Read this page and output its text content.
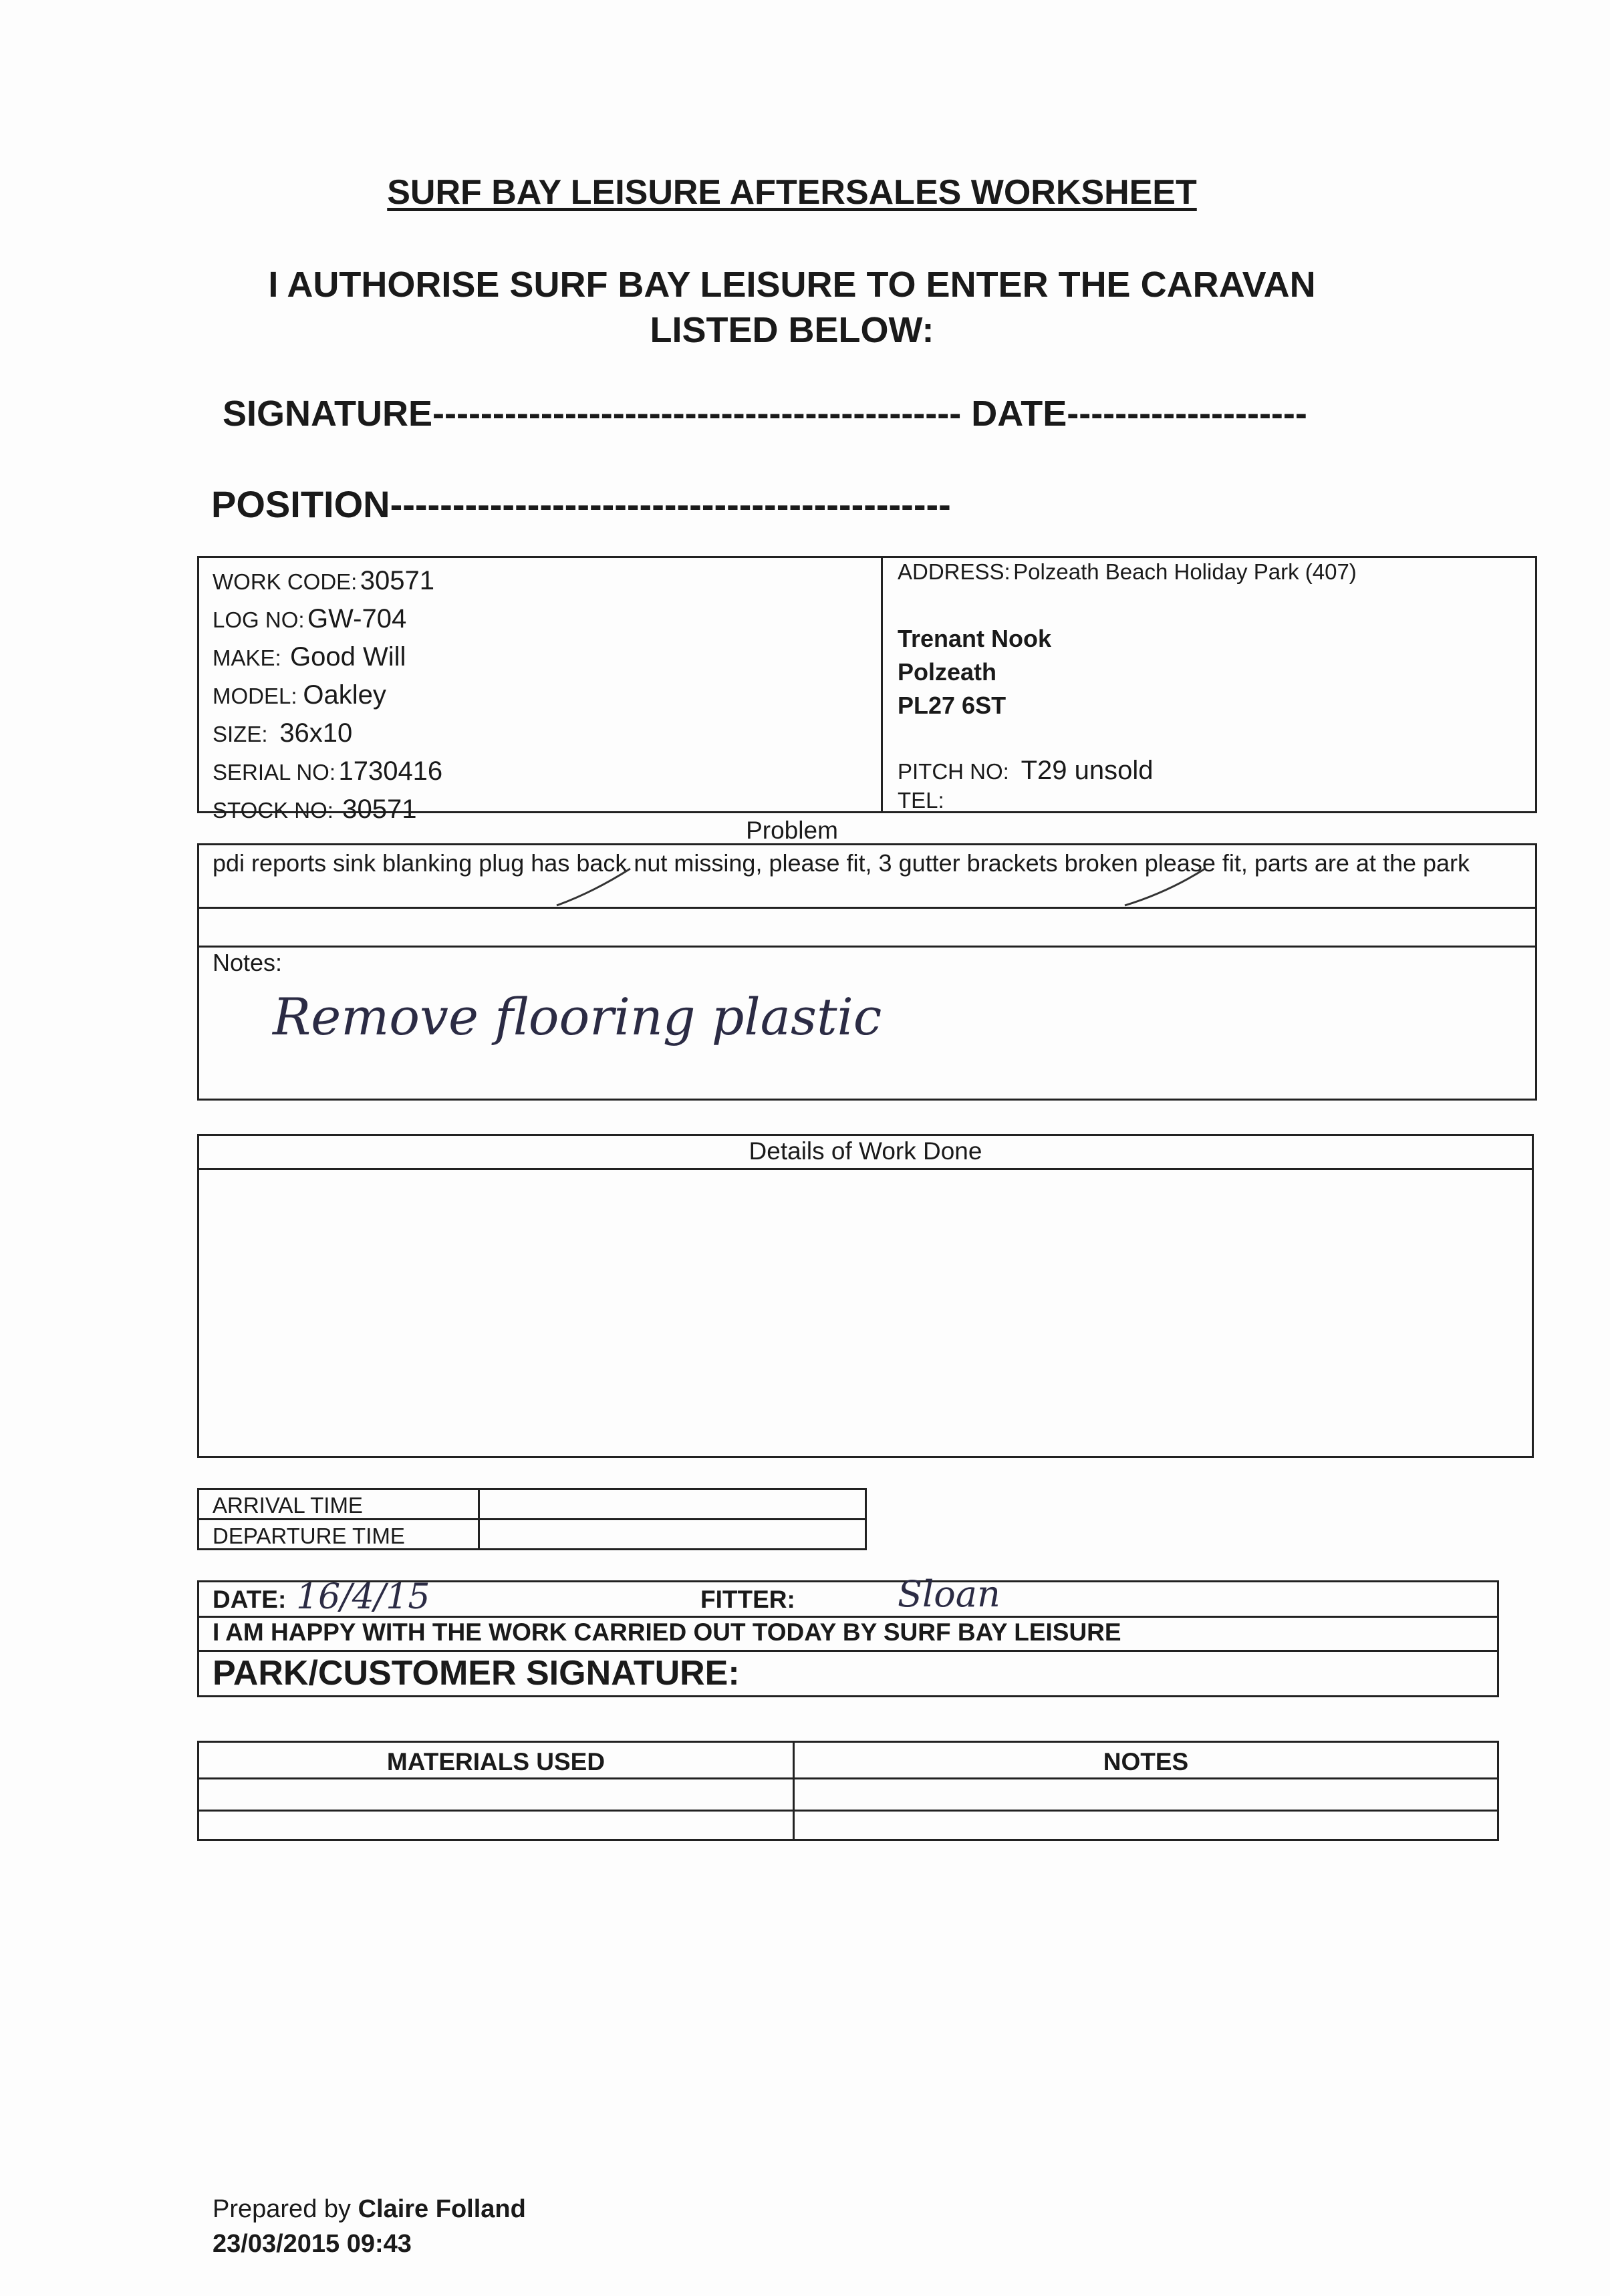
SURF BAY LEISURE AFTERSALES WORKSHEET
I AUTHORISE SURF BAY LEISURE TO ENTER THE CARAVAN
LISTED BELOW:
SIGNATURE-------------------------------------------- DATE--------------------
POSITION---------------------------------------------
WORK CODE: 30571
LOG NO: GW-704
MAKE: Good Will
MODEL: Oakley
SIZE: 36x10
SERIAL NO: 1730416
STOCK NO: 30571
ADDRESS: Polzeath Beach Holiday Park (407)
Trenant Nook
Polzeath
PL27 6ST
PITCH NO: T29 unsold
TEL:
Problem
pdi reports sink blanking plug has back nut missing, please fit, 3 gutter brackets broken please fit, parts are at the park
Notes:
Remove flooring plastic
Details of Work Done
ARRIVAL TIME
DEPARTURE TIME
DATE: 16/4/15	FITTER:	Sloan
I AM HAPPY WITH THE WORK CARRIED OUT TODAY BY SURF BAY LEISURE
PARK/CUSTOMER SIGNATURE:
MATERIALS USED	NOTES
Prepared by Claire Folland
23/03/2015 09:43
